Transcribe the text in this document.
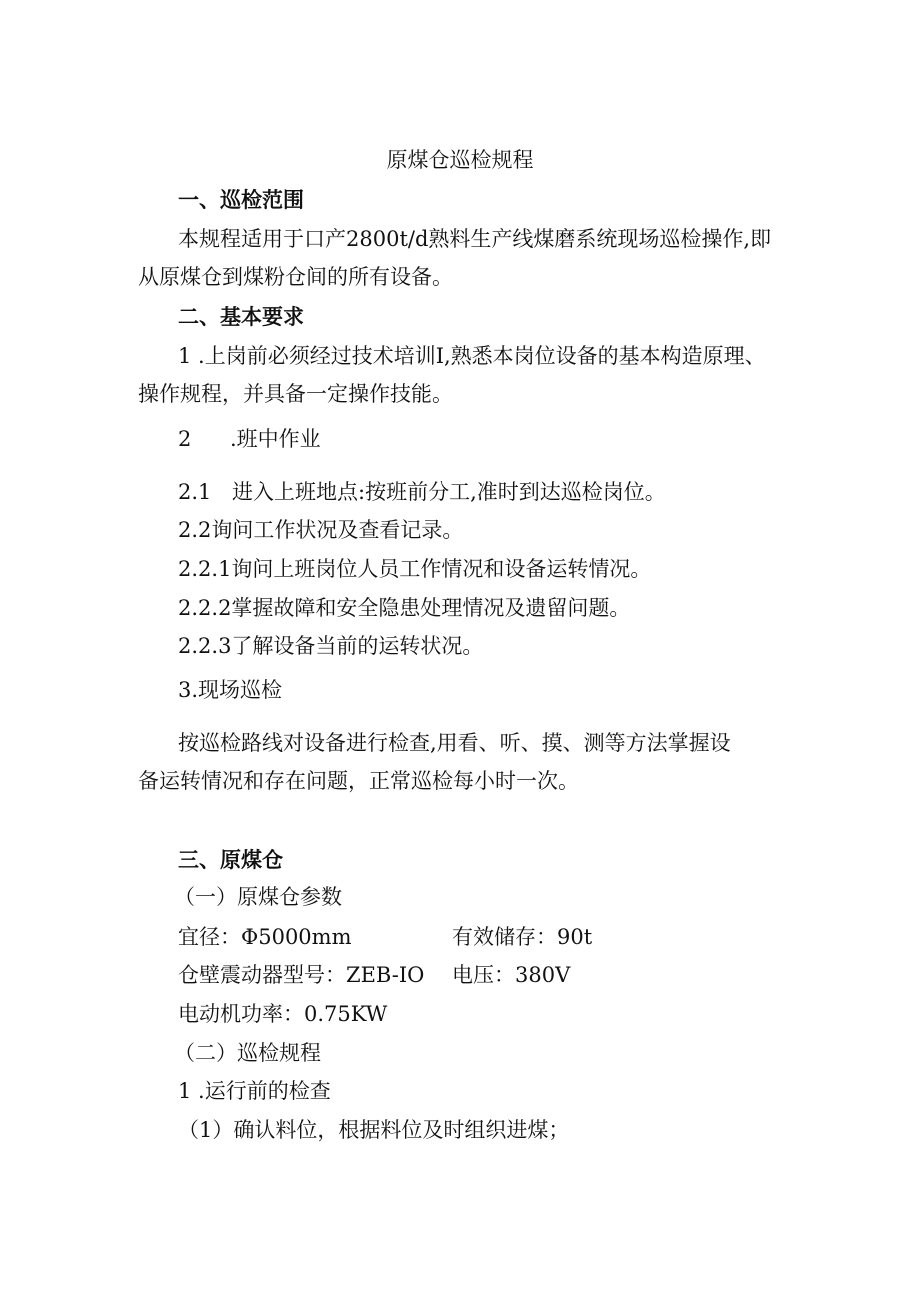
原煤仓巡检规程
一、巡检范围
本规程适用于口产2800t/d熟料生产线煤磨系统现场巡检操作,即
从原煤仓到煤粉仓间的所有设备。
二、基本要求
1 .上岗前必须经过技术培训I,熟悉本岗位设备的基本构造原理、
操作规程，并具备一定操作技能。
2 .班中作业
2.1 进入上班地点:按班前分工,准时到达巡检岗位。
2.2询问工作状况及查看记录。
2.2.1询问上班岗位人员工作情况和设备运转情况。
2.2.2掌握故障和安全隐患处理情况及遗留问题。
2.2.3了解设备当前的运转状况。
3.现场巡检
按巡检路线对设备进行检查,用看、听、摸、测等方法掌握设
备运转情况和存在问题，正常巡检每小时一次。
三、原煤仓
（一）原煤仓参数
宜径：Φ5000mm	有效储存：90t
仓壁震动器型号：ZEB-IO 电压：380V
电动机功率：0.75KW
（二）巡检规程
1 .运行前的检查
（1）确认料位，根据料位及时组织进煤；
